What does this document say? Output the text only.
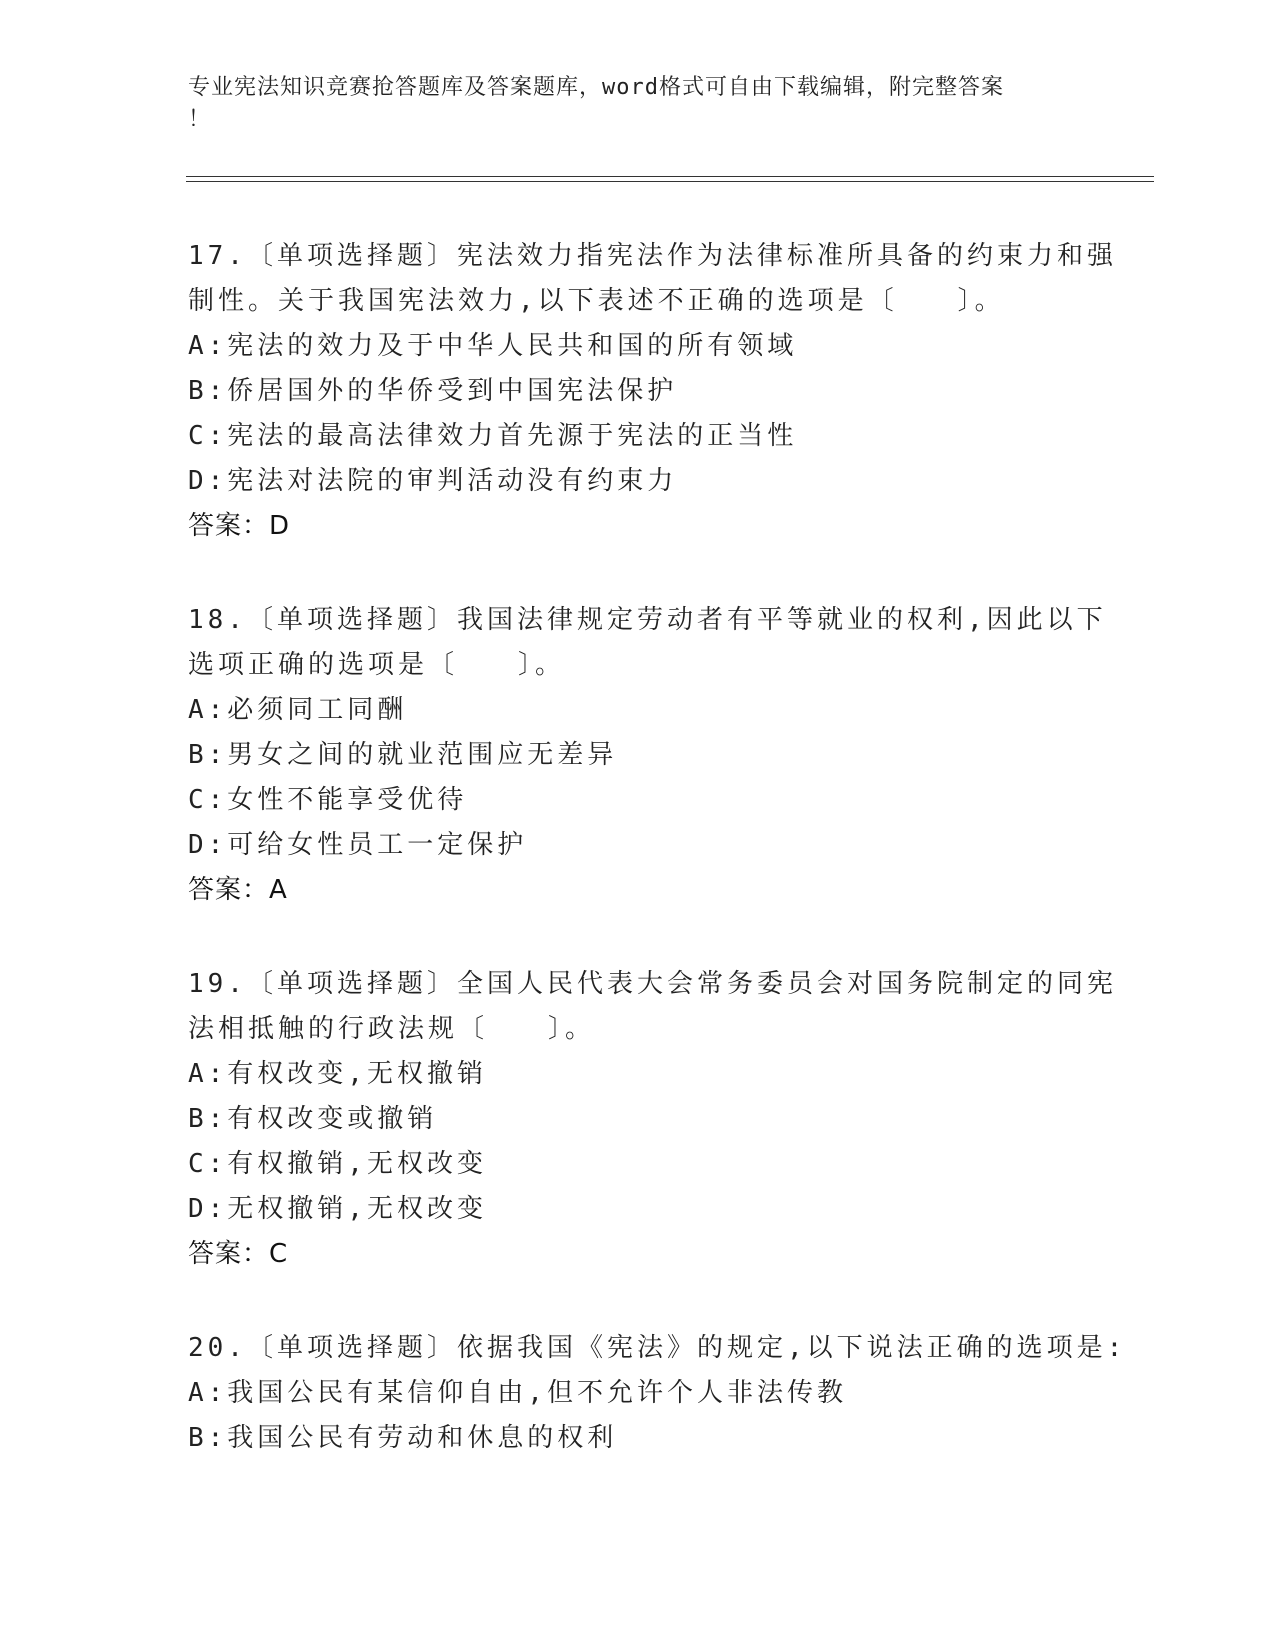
专业宪法知识竞赛抢答题库及答案题库，word格式可自由下载编辑，附完整答案
！
17.〔单项选择题〕宪法效力指宪法作为法律标准所具备的约束力和强
制性。关于我国宪法效力,以下表述不正确的选项是〔　　〕。
A:宪法的效力及于中华人民共和国的所有领域
B:侨居国外的华侨受到中国宪法保护
C:宪法的最高法律效力首先源于宪法的正当性
D:宪法对法院的审判活动没有约束力
答案：D
18.〔单项选择题〕我国法律规定劳动者有平等就业的权利,因此以下
选项正确的选项是〔　　〕。
A:必须同工同酬
B:男女之间的就业范围应无差异
C:女性不能享受优待
D:可给女性员工一定保护
答案：A
19.〔单项选择题〕全国人民代表大会常务委员会对国务院制定的同宪
法相抵触的行政法规〔　　〕。
A:有权改变,无权撤销
B:有权改变或撤销
C:有权撤销,无权改变
D:无权撤销,无权改变
答案：C
20.〔单项选择题〕依据我国《宪法》的规定,以下说法正确的选项是:
A:我国公民有某信仰自由,但不允许个人非法传教
B:我国公民有劳动和休息的权利
